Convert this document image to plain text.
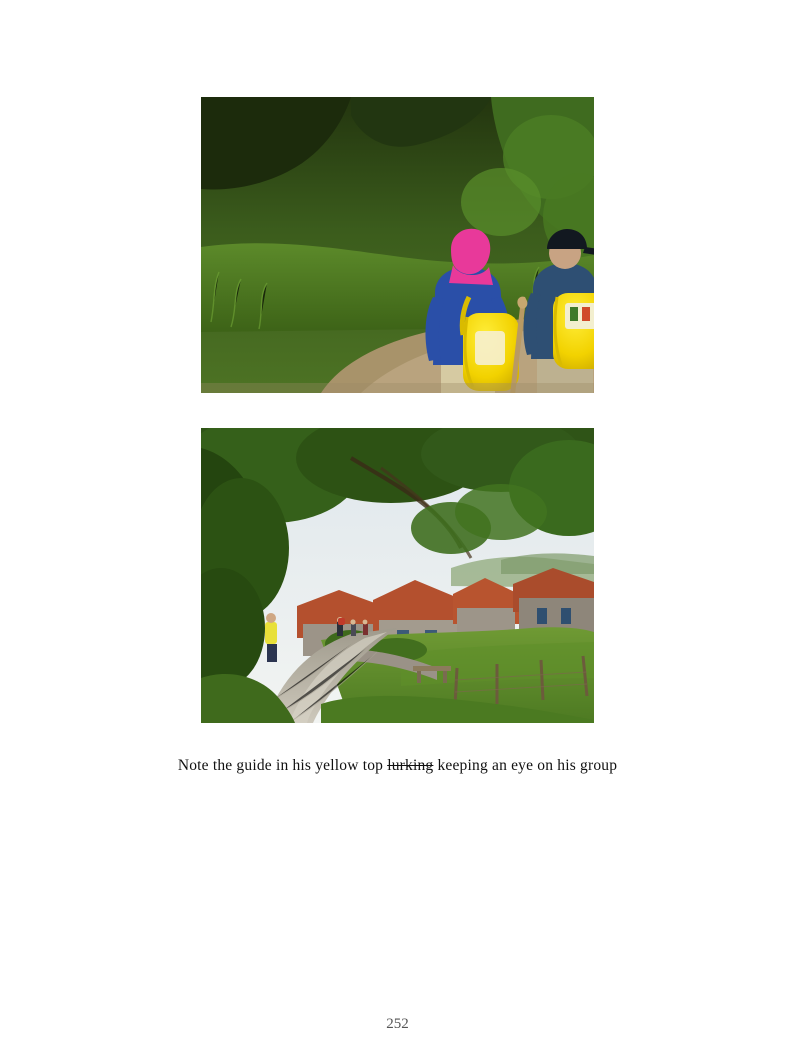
Note the guide in his yellow top lurking keeping an eye on his group
252
